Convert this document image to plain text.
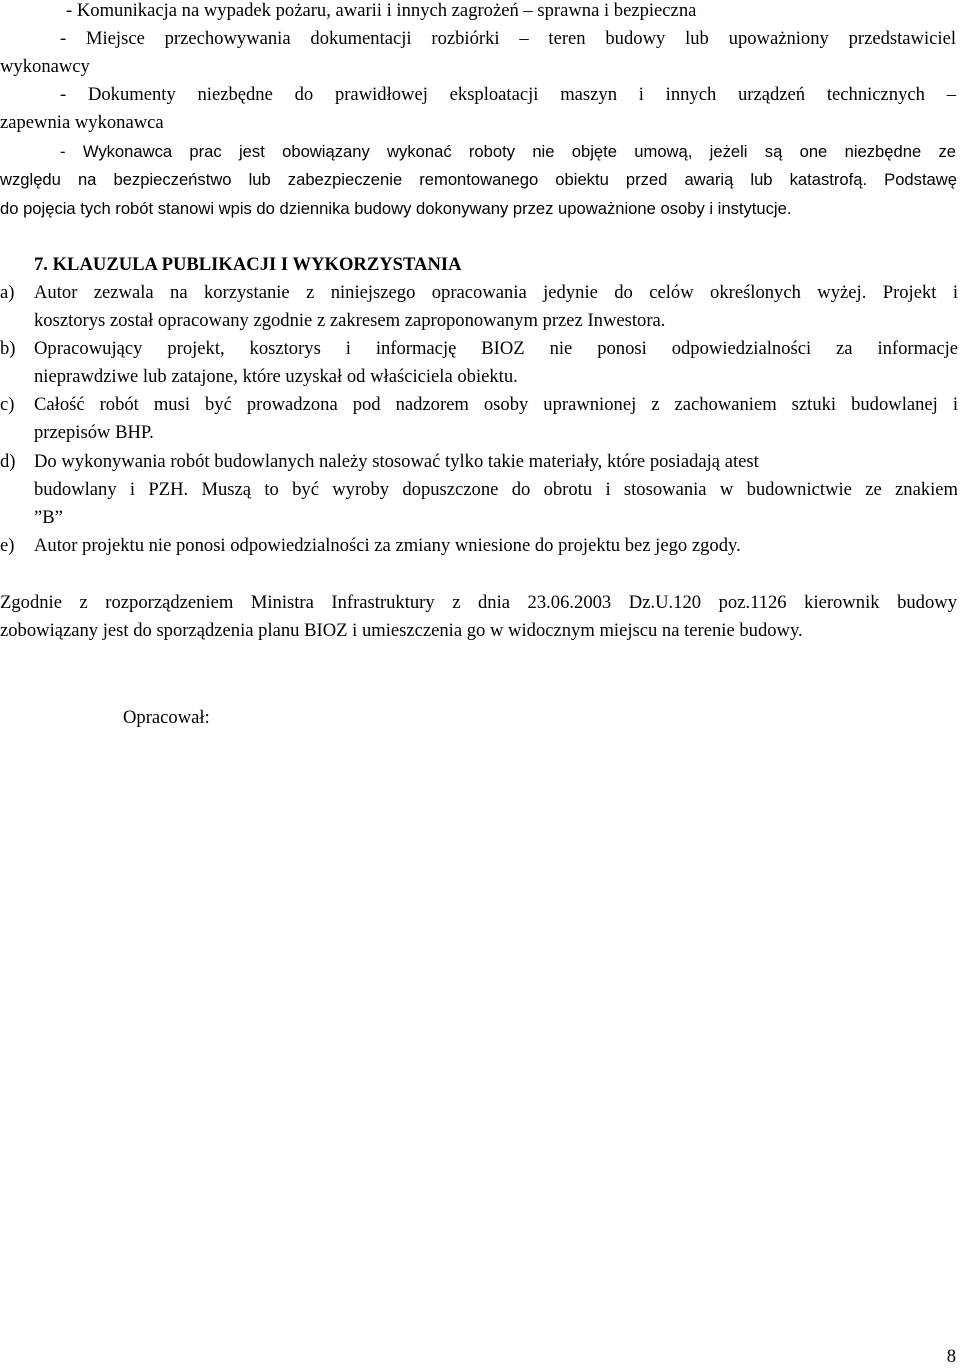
- Komunikacja na wypadek pożaru, awarii i innych zagrożeń – sprawna i bezpieczna
- Miejsce przechowywania dokumentacji rozbiórki – teren budowy lub upoważniony przedstawiciel
wykonawcy
- Dokumenty niezbędne do prawidłowej eksploatacji maszyn i innych urządzeń technicznych –
zapewnia wykonawca
- Wykonawca prac jest obowiązany wykonać roboty nie objęte umową, jeżeli są one niezbędne ze
względu na bezpieczeństwo lub zabezpieczenie remontowanego obiektu przed awarią lub katastrofą. Podstawę
do pojęcia tych robót stanowi wpis do dziennika budowy dokonywany przez upoważnione osoby i instytucje.
7. KLAUZULA PUBLIKACJI I WYKORZYSTANIA
a) Autor zezwala na korzystanie z niniejszego opracowania jedynie do celów określonych wyżej. Projekt i
kosztorys został opracowany zgodnie z zakresem zaproponowanym przez Inwestora.
b) Opracowujący projekt, kosztorys i informację BIOZ nie ponosi odpowiedzialności za informacje
nieprawdziwe lub zatajone, które uzyskał od właściciela obiektu.
c) Całość robót musi być prowadzona pod nadzorem osoby uprawnionej z zachowaniem sztuki budowlanej i
przepisów BHP.
d) Do wykonywania robót budowlanych należy stosować tylko takie materiały, które posiadają atest
budowlany i PZH. Muszą to być wyroby dopuszczone do obrotu i stosowania w budownictwie ze znakiem
”B”
e) Autor projektu nie ponosi odpowiedzialności za zmiany wniesione do projektu bez jego zgody.
Zgodnie z rozporządzeniem Ministra Infrastruktury z dnia 23.06.2003 Dz.U.120 poz.1126 kierownik budowy
zobowiązany jest do sporządzenia planu BIOZ i umieszczenia go w widocznym miejscu na terenie budowy.
Opracował:
8
